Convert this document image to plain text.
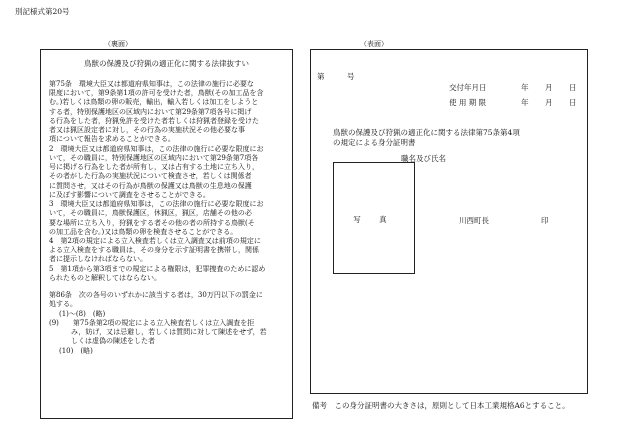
別記様式第20号
（裏面）	（表面）
鳥獣の保護及び狩猟の適正化に関する法律抜すい
第75条　環境大臣又は都道府県知事は，この法律の施行に必要な
限度において，第9条第1項の許可を受けた者，鳥獣(その加工品を含
む。)若しくは鳥類の卵の販売，輸出，輸入若しくは加工をしようと
する者，特別保護地区の区域内において第29条第7項各号に掲げ
る行為をした者，狩猟免許を受けた者若しくは狩猟者登録を受けた
者又は猟区設定者に対し，その行為の実施状況その他必要な事
項について報告を求めることができる。
2　環境大臣又は都道府県知事は，この法律の施行に必要な限度にお
いて，その職員に，特別保護地区の区域内において第29条第7項各
号に掲げる行為をした者が所有し，又は占有する土地に立ち入り，
その者がした行為の実施状況について検査させ，若しくは関係者
に質問させ，又はその行為が鳥獣の保護又は鳥獣の生息地の保護
に及ぼす影響について調査をさせることができる。
3　環境大臣又は都道府県知事は，この法律の施行に必要な限度にお
いて，その職員に，鳥獣保護区，休猟区，猟区，店舗その他の必
要な場所に立ち入り，狩猟をする者その他の者の所持する鳥獣(そ
の加工品を含む。)又は鳥類の卵を検査させることができる。
4　第2項の規定による立入検査若しくは立入調査又は前項の規定に
よる立入検査をする職員は，その身分を示す証明書を携帯し，関係
者に提示しなければならない。
5　第1項から第3項までの規定による権限は，犯罪捜査のために認め
られたものと解釈してはならない。
第86条　次の各号のいずれかに該当する者は，30万円以下の罰金に
処する。
(1)～(8)　(略)
(9)　　第75条第2項の規定による立入検査若しくは立入調査を拒
み，妨げ，又は忌避し，若しくは質問に対して陳述をせず，若
しくは虚偽の陳述をした者
(10)　(略)
第　　　号
交付年月日	年 月 日
使 用 期 限	年 月 日
鳥獣の保護及び狩猟の適正化に関する法律第75条第4項
の規定による身分証明書
職名及び氏名
写 真	川西町長	印
備考　この身分証明書の大きさは，原則として日本工業規格A6とすること。
